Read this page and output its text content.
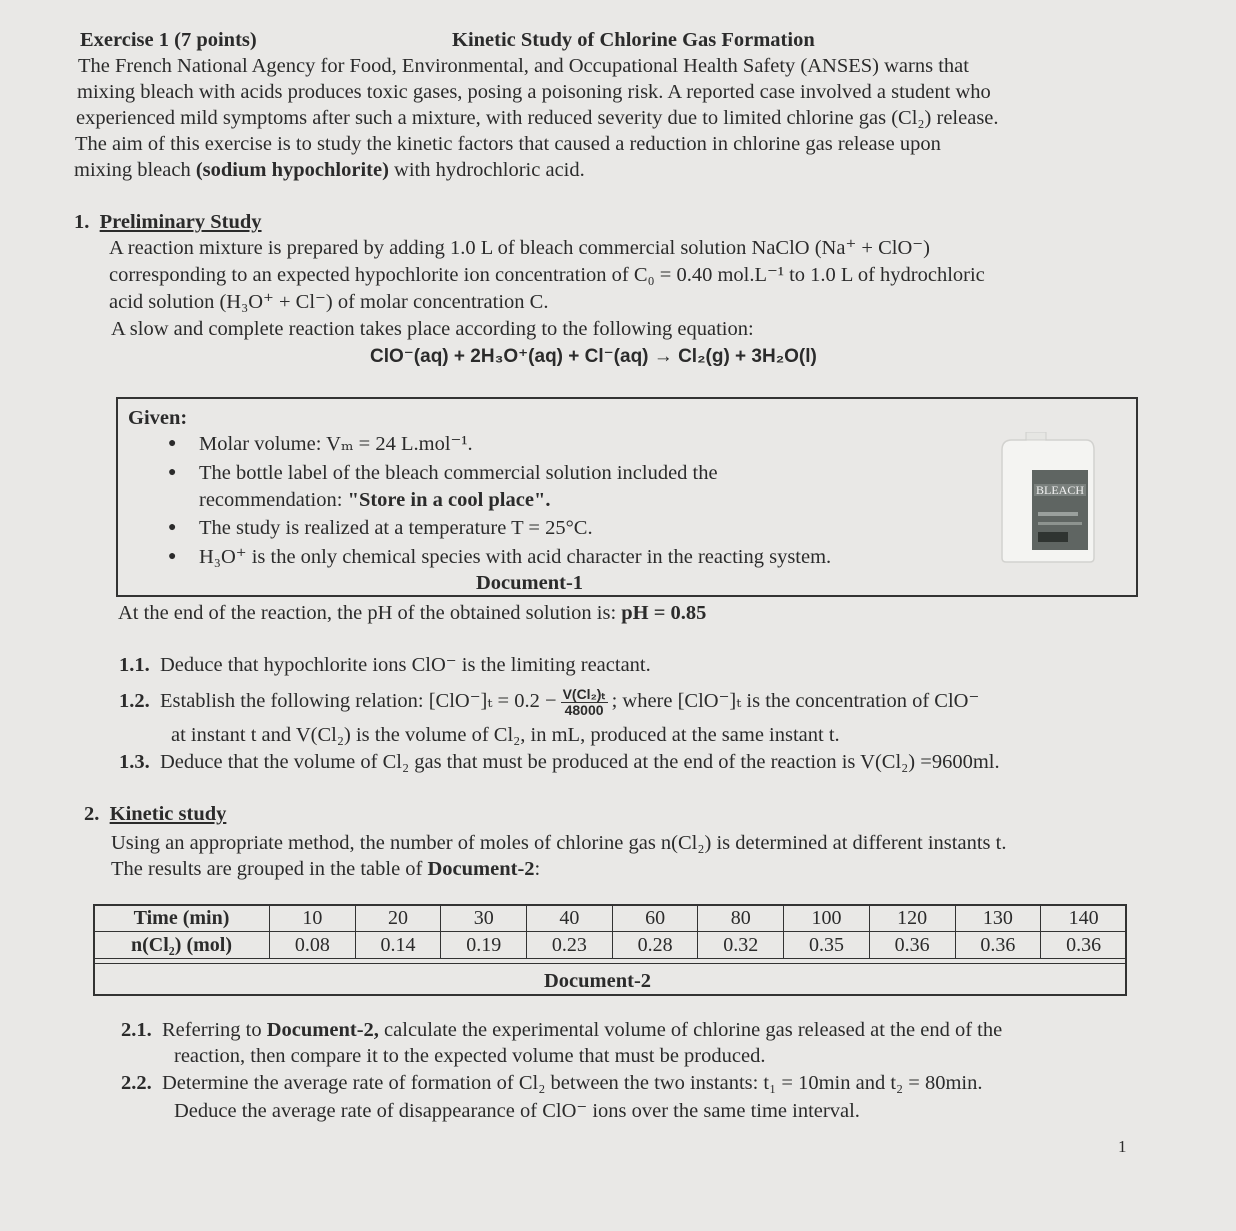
Exercise 1 (7 points)	Kinetic Study of Chlorine Gas Formation
The French National Agency for Food, Environmental, and Occupational Health Safety (ANSES) warns that
mixing bleach with acids produces toxic gases, posing a poisoning risk. A reported case involved a student who
experienced mild symptoms after such a mixture, with reduced severity due to limited chlorine gas (Cl₂) release.
The aim of this exercise is to study the kinetic factors that caused a reduction in chlorine gas release upon
mixing bleach (sodium hypochlorite) with hydrochloric acid.
1. Preliminary Study
A reaction mixture is prepared by adding 1.0 L of bleach commercial solution NaClO (Na⁺ + ClO⁻)
corresponding to an expected hypochlorite ion concentration of C₀ = 0.40 mol.L⁻¹ to 1.0 L of hydrochloric
acid solution (H₃O⁺ + Cl⁻) of molar concentration C.
A slow and complete reaction takes place according to the following equation:
ClO⁻(aq) + 2H₃O⁺(aq) + Cl⁻(aq) → Cl₂(g) + 3H₂O(l)
Given:
● Molar volume: Vₘ = 24 L.mol⁻¹.
● The bottle label of the bleach commercial solution included the
recommendation: "Store in a cool place".
● The study is realized at a temperature T = 25°C.
● H₃O⁺ is the only chemical species with acid character in the reacting system.
Document-1
BLEACH
At the end of the reaction, the pH of the obtained solution is: pH = 0.85
1.1. Deduce that hypochlorite ions ClO⁻ is the limiting reactant.
1.2. Establish the following relation: $[ClO^-]_t = 0.2 - \frac{\text{V(Cl₂)ₜ}}{48000}$ ; where [ClO⁻]ₜ is the concentration of ClO⁻
at instant t and V(Cl₂) is the volume of Cl₂, in mL, produced at the same instant t.
1.3. Deduce that the volume of Cl₂ gas that must be produced at the end of the reaction is V(Cl₂) =9600ml.
2. Kinetic study
Using an appropriate method, the number of moles of chlorine gas n(Cl₂) is determined at different instants t.
The results are grouped in the table of Document-2:
Time (min)	10	20	30	40	60	80	100	120	130	140
n(Cl₂) (mol)	0.08	0.14	0.19	0.23	0.28	0.32	0.35	0.36	0.36	0.36
Document-2
2.1. Referring to Document-2, calculate the experimental volume of chlorine gas released at the end of the
reaction, then compare it to the expected volume that must be produced.
2.2. Determine the average rate of formation of Cl₂ between the two instants: t₁ = 10min and t₂ = 80min.
Deduce the average rate of disappearance of ClO⁻ ions over the same time interval.
1
